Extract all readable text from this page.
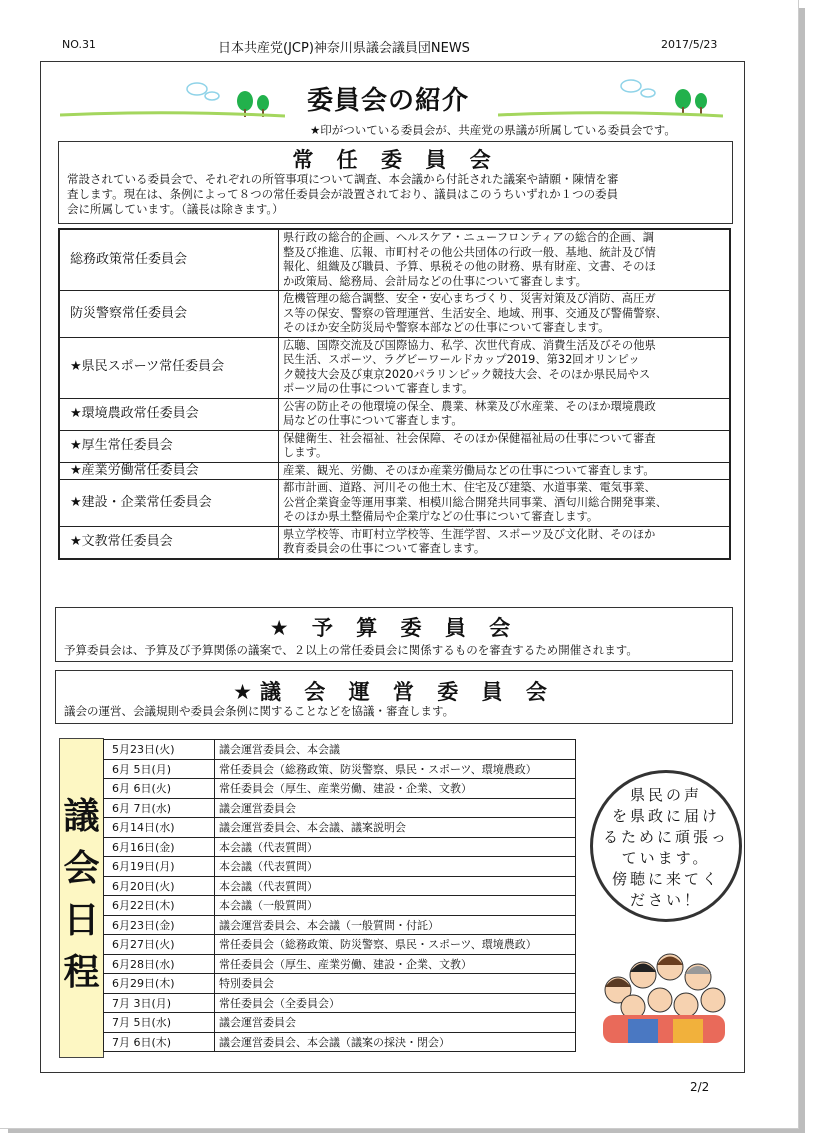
NO.31	日本共産党(JCP)神奈川県議会議員団NEWS	2017/5/23
委員会の紹介
★印がついている委員会が、共産党の県議が所属している委員会です。
常 任 委 員 会
常設されている委員会で、それぞれの所管事項について調査、本会議から付託された議案や請願・陳情を審
査します。現在は、条例によって８つの常任委員会が設置されており、議員はこのうちいずれか１つの委員
会に所属しています。（議長は除きます。）
総務政策常任委員会	県行政の総合的企画、ヘルスケア・ニューフロンティアの総合的企画、調
整及び推進、広報、市町村その他公共団体の行政一般、基地、統計及び情
報化、組織及び職員、予算、県税その他の財務、県有財産、文書、そのほ
か政策局、総務局、会計局などの仕事について審査します。

防災警察常任委員会	危機管理の総合調整、安全・安心まちづくり、災害対策及び消防、高圧ガ
ス等の保安、警察の管理運営、生活安全、地域、刑事、交通及び警備警察、
そのほか安全防災局や警察本部などの仕事について審査します。

★県民スポーツ常任委員会	広聴、国際交流及び国際協力、私学、次世代育成、消費生活及びその他県
民生活、スポーツ、ラグビーワールドカップ2019、第32回オリンピッ
ク競技大会及び東京2020パラリンピック競技大会、そのほか県民局やス
ポーツ局の仕事について審査します。

★環境農政常任委員会	公害の防止その他環境の保全、農業、林業及び水産業、そのほか環境農政
局などの仕事について審査します。

★厚生常任委員会	保健衛生、社会福祉、社会保障、そのほか保健福祉局の仕事について審査
します。

★産業労働常任委員会	産業、観光、労働、そのほか産業労働局などの仕事について審査します。

★建設・企業常任委員会	都市計画、道路、河川その他土木、住宅及び建築、水道事業、電気事業、
公営企業資金等運用事業、相模川総合開発共同事業、酒匂川総合開発事業、
そのほか県土整備局や企業庁などの仕事について審査します。

★文教常任委員会	県立学校等、市町村立学校等、生涯学習、スポーツ及び文化財、そのほか
教育委員会の仕事について審査します。
★ 予 算 委 員 会
予算委員会は、予算及び予算関係の議案で、２以上の常任委員会に関係するものを審査するため開催されます。
★議 会 運 営 委 員 会
議会の運営、会議規則や委員会条例に関することなどを協議・審査します。
議
会
日
程
5月23日(火)	議会運営委員会、本会議
6月 5日(月)	常任委員会（総務政策、防災警察、県民・スポーツ、環境農政）
6月 6日(火)	常任委員会（厚生、産業労働、建設・企業、文教）
6月 7日(水)	議会運営委員会
6月14日(水)	議会運営委員会、本会議、議案説明会
6月16日(金)	本会議（代表質問）
6月19日(月)	本会議（代表質問）
6月20日(火)	本会議（代表質問）
6月22日(木)	本会議（一般質問）
6月23日(金)	議会運営委員会、本会議（一般質問・付託）
6月27日(火)	常任委員会（総務政策、防災警察、県民・スポーツ、環境農政）
6月28日(水)	常任委員会（厚生、産業労働、建設・企業、文教）
6月29日(木)	特別委員会
7月 3日(月)	常任委員会（全委員会）
7月 5日(水)	議会運営委員会
7月 6日(木)	議会運営委員会、本会議（議案の採決・閉会）
県民の声
を県政に届け
るために頑張っ
ています。
傍聴に来てく
ださい！
2/2
